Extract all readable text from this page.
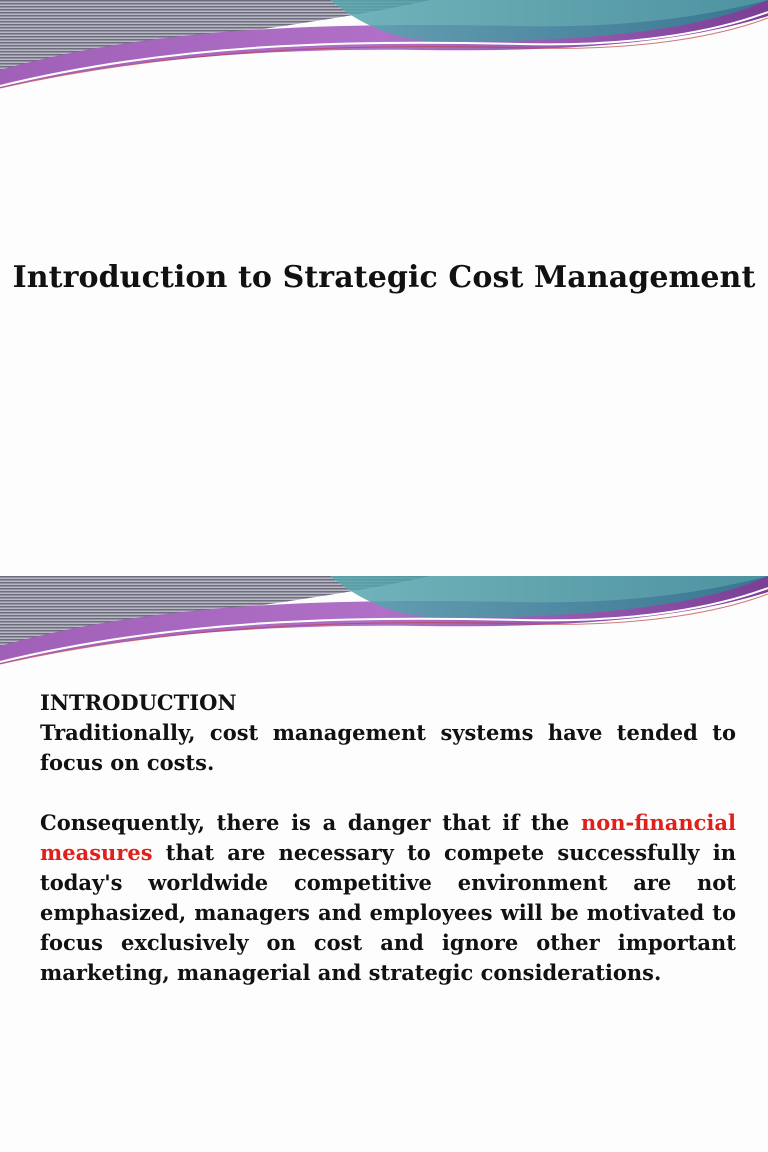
Introduction to Strategic Cost Management

INTRODUCTION

Traditionally, cost management systems have tended to focus on costs.

Consequently, there is a danger that if the non-financial measures that are necessary to compete successfully in today's worldwide competitive environment are not emphasized, managers and employees will be motivated to focus exclusively on cost and ignore other important marketing, managerial and strategic considerations.
